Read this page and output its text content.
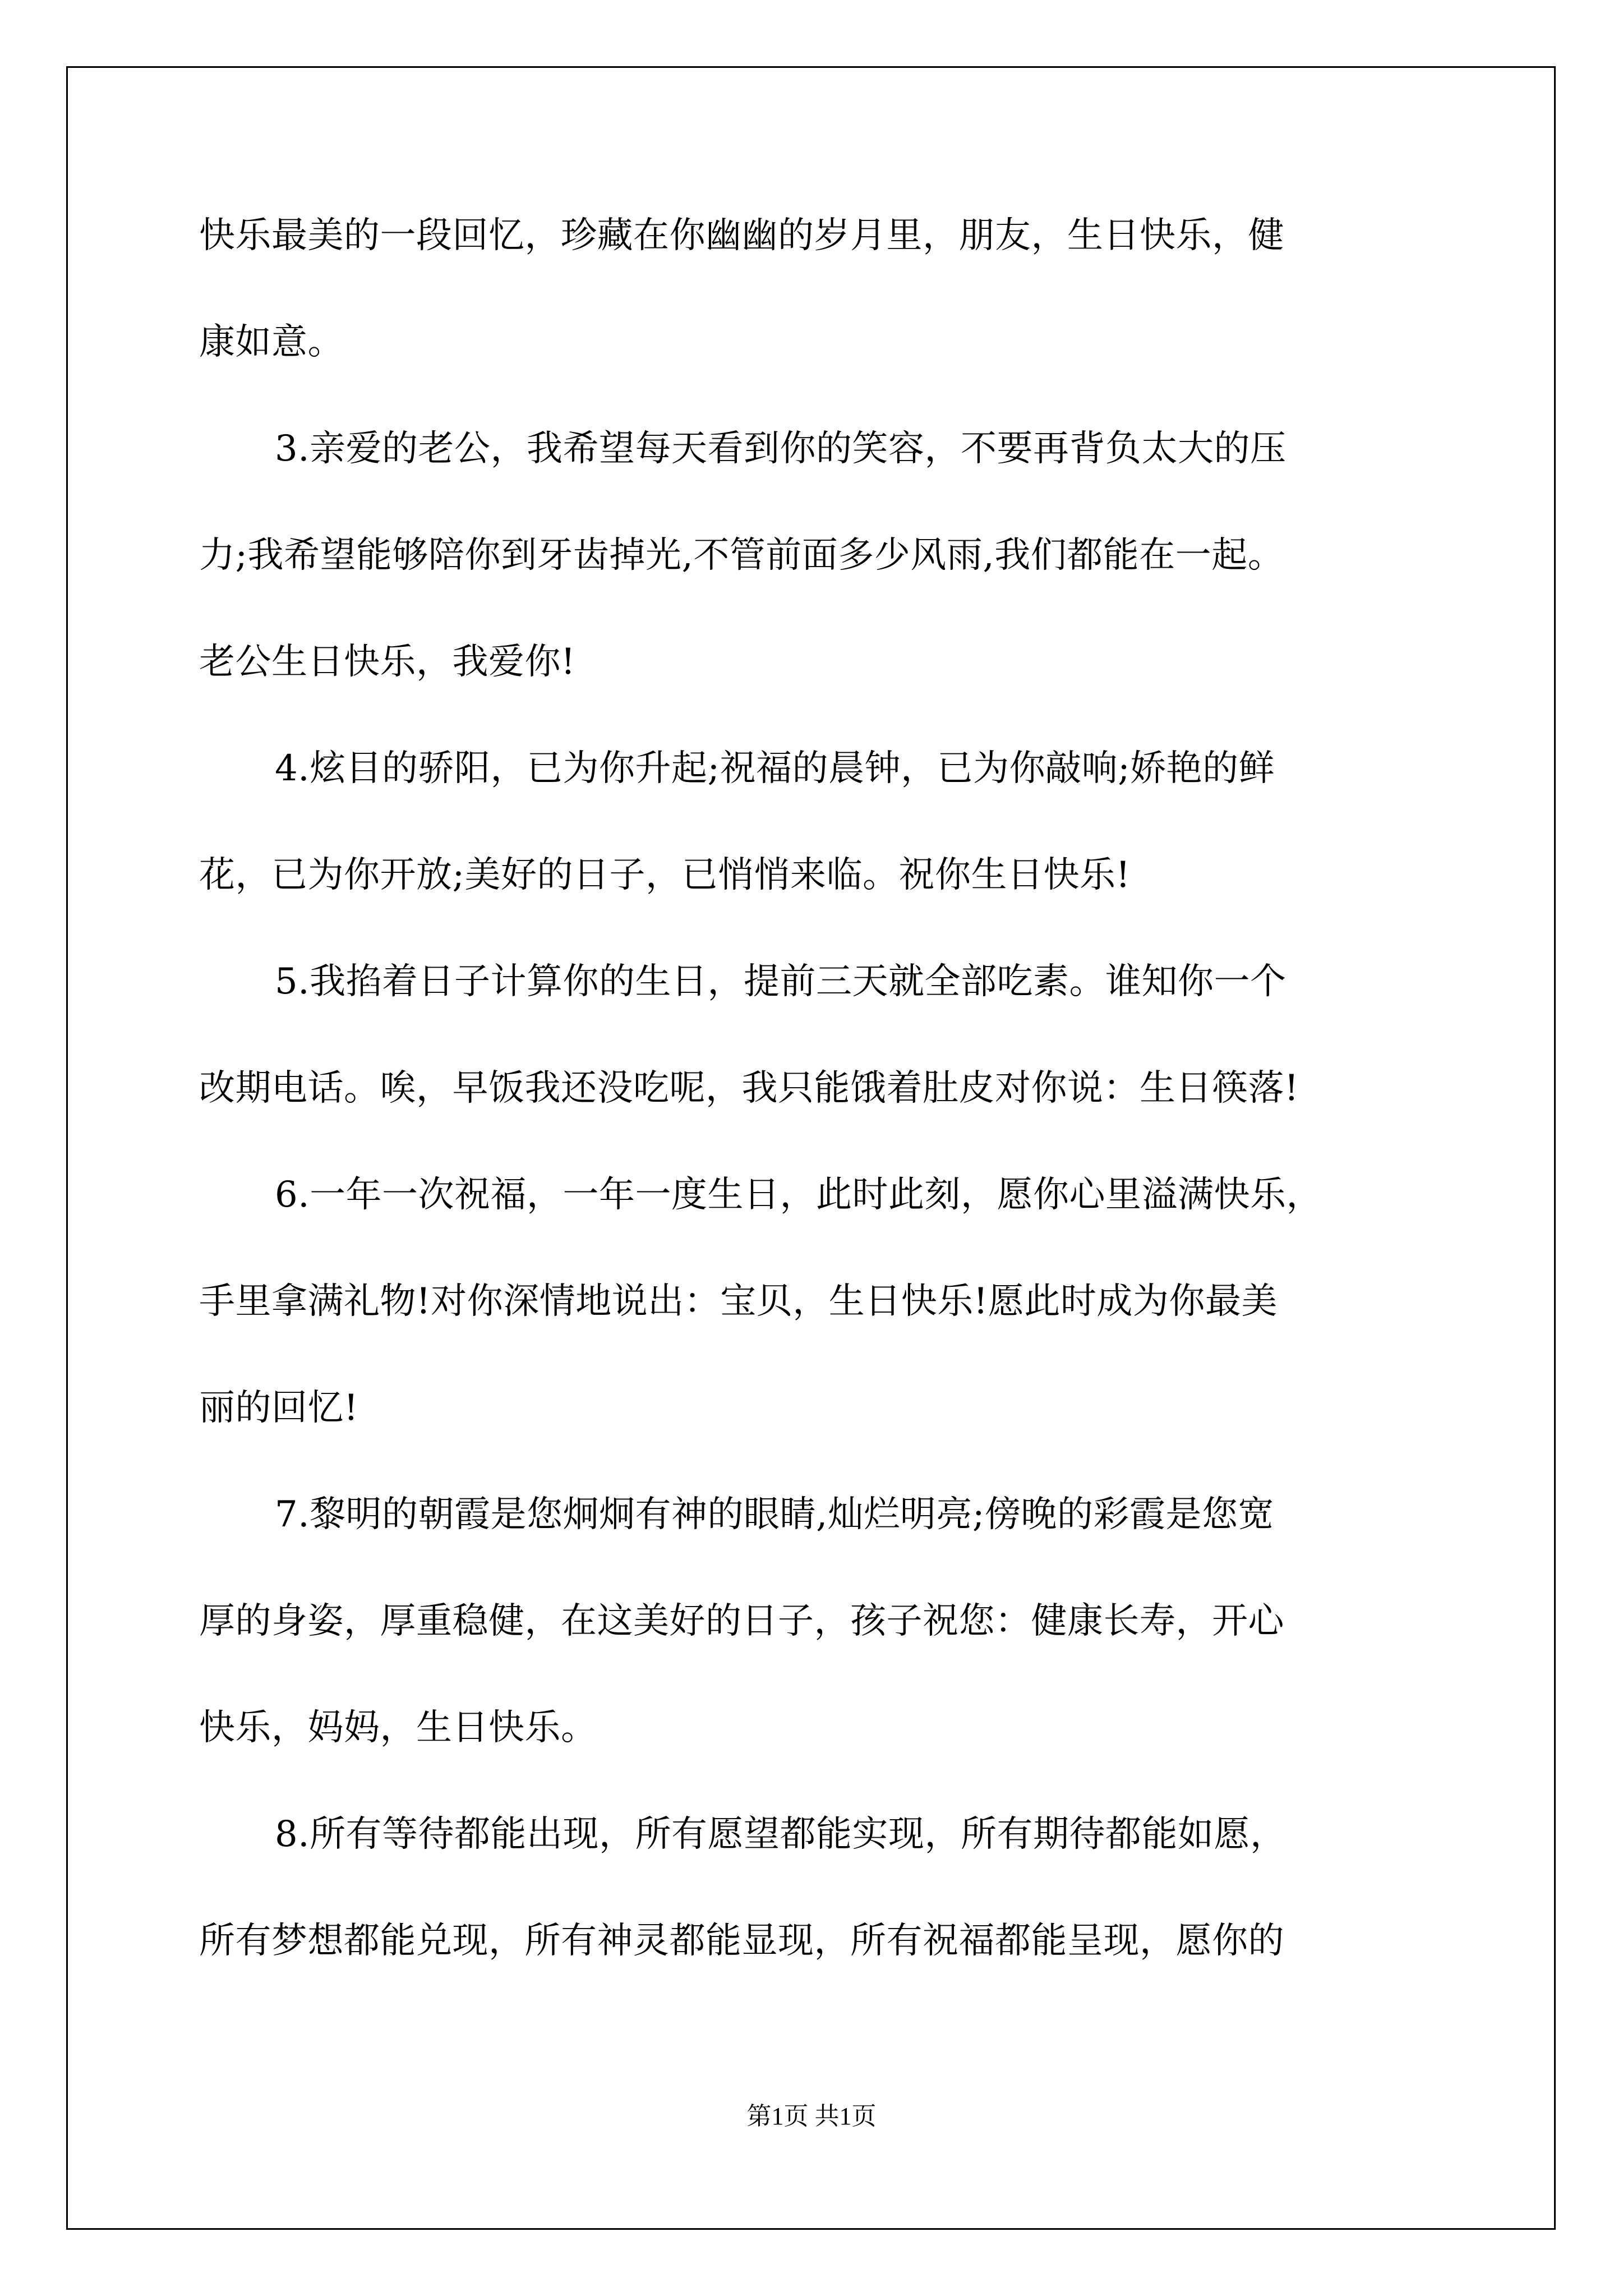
快乐最美的一段回忆，珍藏在你幽幽的岁月里，朋友，生日快乐，健
康如意。
3.亲爱的老公，我希望每天看到你的笑容，不要再背负太大的压
力;我希望能够陪你到牙齿掉光,不管前面多少风雨,我们都能在一起。
老公生日快乐，我爱你!
4.炫目的骄阳，已为你升起;祝福的晨钟，已为你敲响;娇艳的鲜
花，已为你开放;美好的日子，已悄悄来临。祝你生日快乐!
5.我掐着日子计算你的生日，提前三天就全部吃素。谁知你一个
改期电话。唉，早饭我还没吃呢，我只能饿着肚皮对你说：生日筷落!
6.一年一次祝福，一年一度生日，此时此刻，愿你心里溢满快乐，
手里拿满礼物!对你深情地说出：宝贝，生日快乐!愿此时成为你最美
丽的回忆!
7.黎明的朝霞是您炯炯有神的眼睛,灿烂明亮;傍晚的彩霞是您宽
厚的身姿，厚重稳健，在这美好的日子，孩子祝您：健康长寿，开心
快乐，妈妈，生日快乐。
8.所有等待都能出现，所有愿望都能实现，所有期待都能如愿，
所有梦想都能兑现，所有神灵都能显现，所有祝福都能呈现，愿你的
第1页 共1页
